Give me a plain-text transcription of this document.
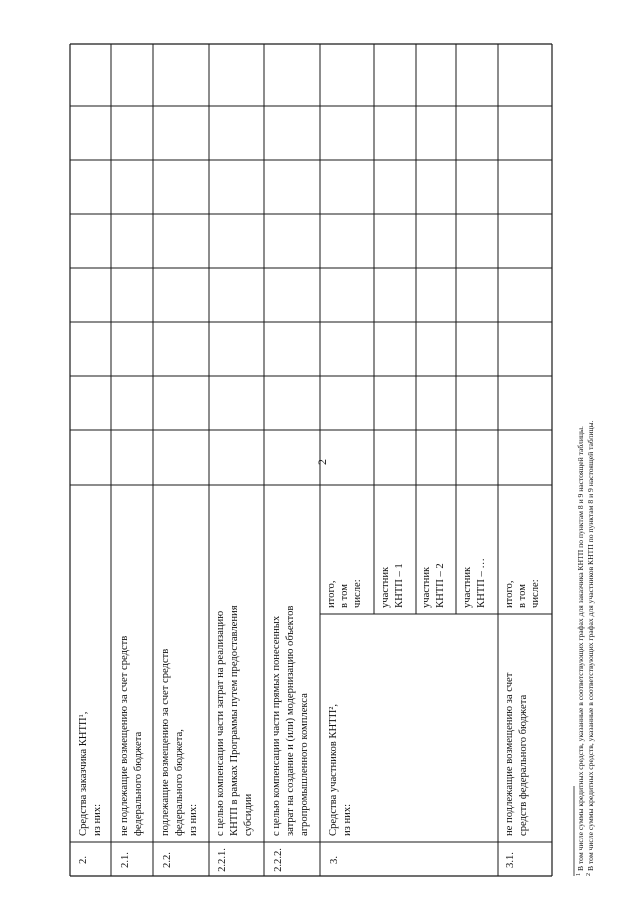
2
2.
Средства заказчика КНТП¹, из них:
2.1.
не подлежащие возмещению за счет средств федерального бюджета
2.2.
подлежащие возмещению за счет средств федерального бюджета, из них:
2.2.1.
с целью компенсации части затрат на реализацию КНТП в рамках Программы путем предоставления субсидии
2.2.2.
с целью компенсации части прямых понесенных затрат на создание и (или) модернизацию объектов агропромышленного комплекса
3.
Средства участников КНТП², из них:
итого, в том числе: участник КНТП – 1 участник КНТП – 2 участник КНТП – …
3.1.
не подлежащие возмещению за счет средств федерального бюджета
итого, в том числе:
1
В том числе суммы кредитных средств, указанные в соответствующих графах для заказчика КНТП по пунктам 8 и 9 настоящей таблицы.
2
В том числе суммы кредитных средств, указанные в соответствующих графах для участников КНТП по пунктам 8 и 9 настоящей таблицы.
